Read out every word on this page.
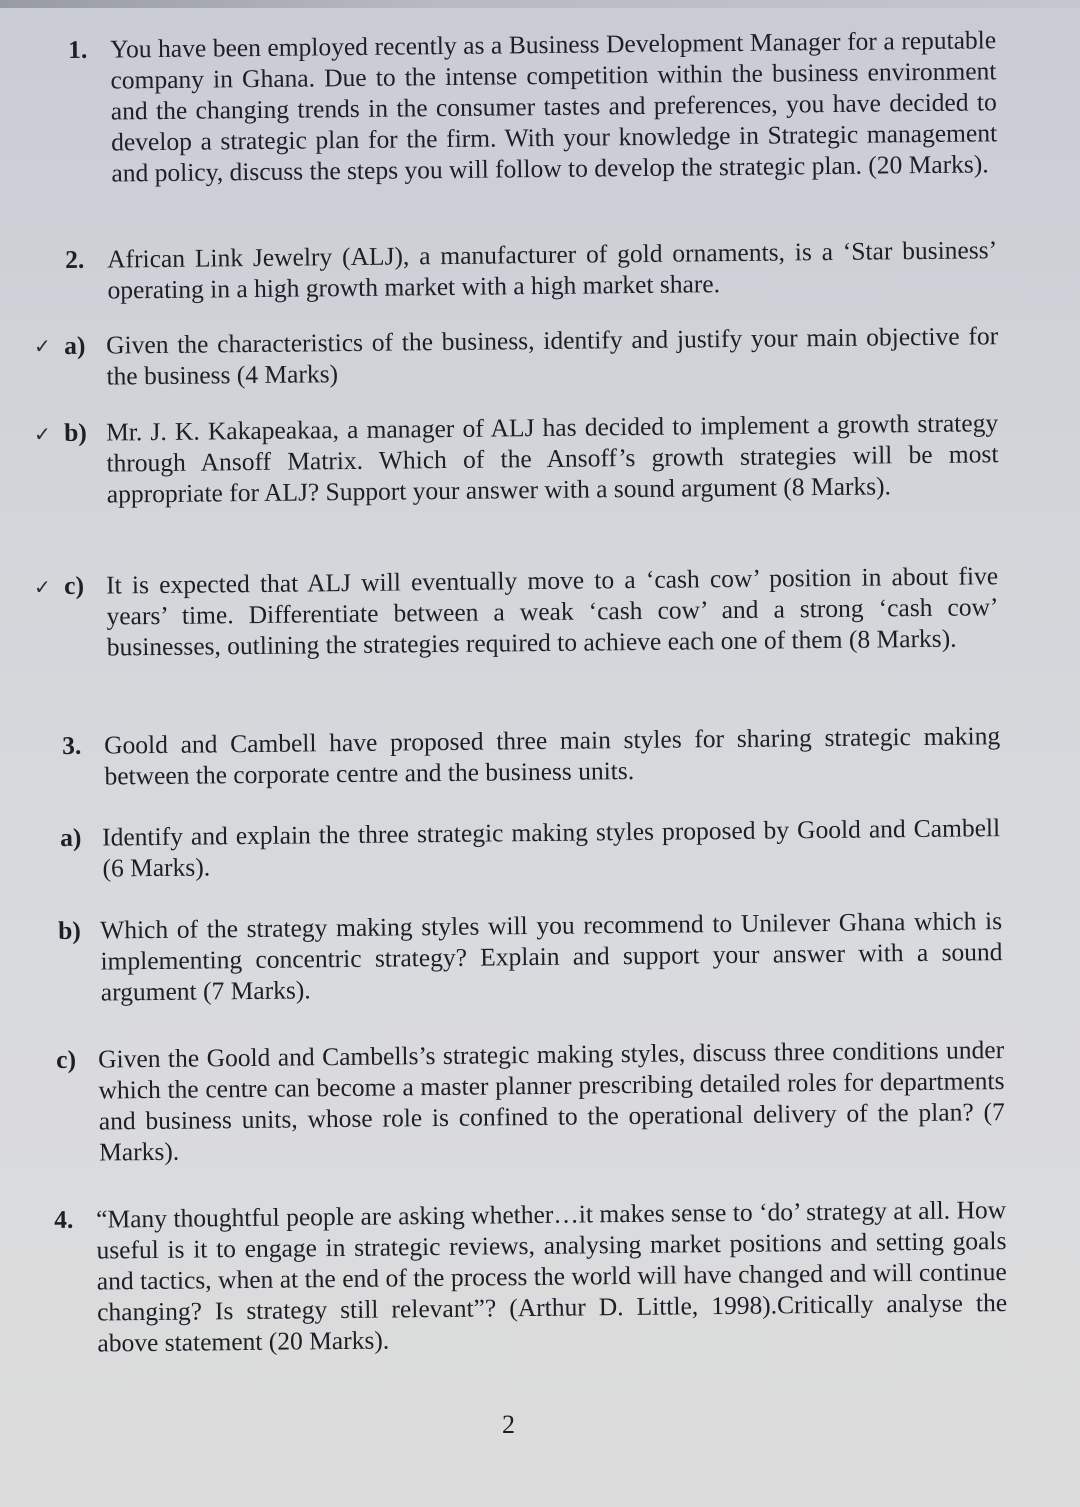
1. You have been employed recently as a Business Development Manager for a reputable company in Ghana. Due to the intense competition within the business environment and the changing trends in the consumer tastes and preferences, you have decided to develop a strategic plan for the firm. With your knowledge in Strategic management and policy, discuss the steps you will follow to develop the strategic plan. (20 Marks).
2. African Link Jewelry (ALJ), a manufacturer of gold ornaments, is a ‘Star business’ operating in a high growth market with a high market share.
✓ a) Given the characteristics of the business, identify and justify your main objective for the business (4 Marks)
✓ b) Mr. J. K. Kakapeakaa, a manager of ALJ has decided to implement a growth strategy through Ansoff Matrix. Which of the Ansoff’s growth strategies will be most appropriate for ALJ? Support your answer with a sound argument (8 Marks).
✓ c) It is expected that ALJ will eventually move to a ‘cash cow’ position in about five years’ time. Differentiate between a weak ‘cash cow’ and a strong ‘cash cow’ businesses, outlining the strategies required to achieve each one of them (8 Marks).
3. Goold and Cambell have proposed three main styles for sharing strategic making between the corporate centre and the business units.
a) Identify and explain the three strategic making styles proposed by Goold and Cambell (6 Marks).
b) Which of the strategy making styles will you recommend to Unilever Ghana which is implementing concentric strategy? Explain and support your answer with a sound argument (7 Marks).
c) Given the Goold and Cambells’s strategic making styles, discuss three conditions under which the centre can become a master planner prescribing detailed roles for departments and business units, whose role is confined to the operational delivery of the plan? (7 Marks).
4. “Many thoughtful people are asking whether…it makes sense to ‘do’ strategy at all. How useful is it to engage in strategic reviews, analysing market positions and setting goals and tactics, when at the end of the process the world will have changed and will continue changing? Is strategy still relevant”? (Arthur D. Little, 1998).Critically analyse the above statement (20 Marks).
2
